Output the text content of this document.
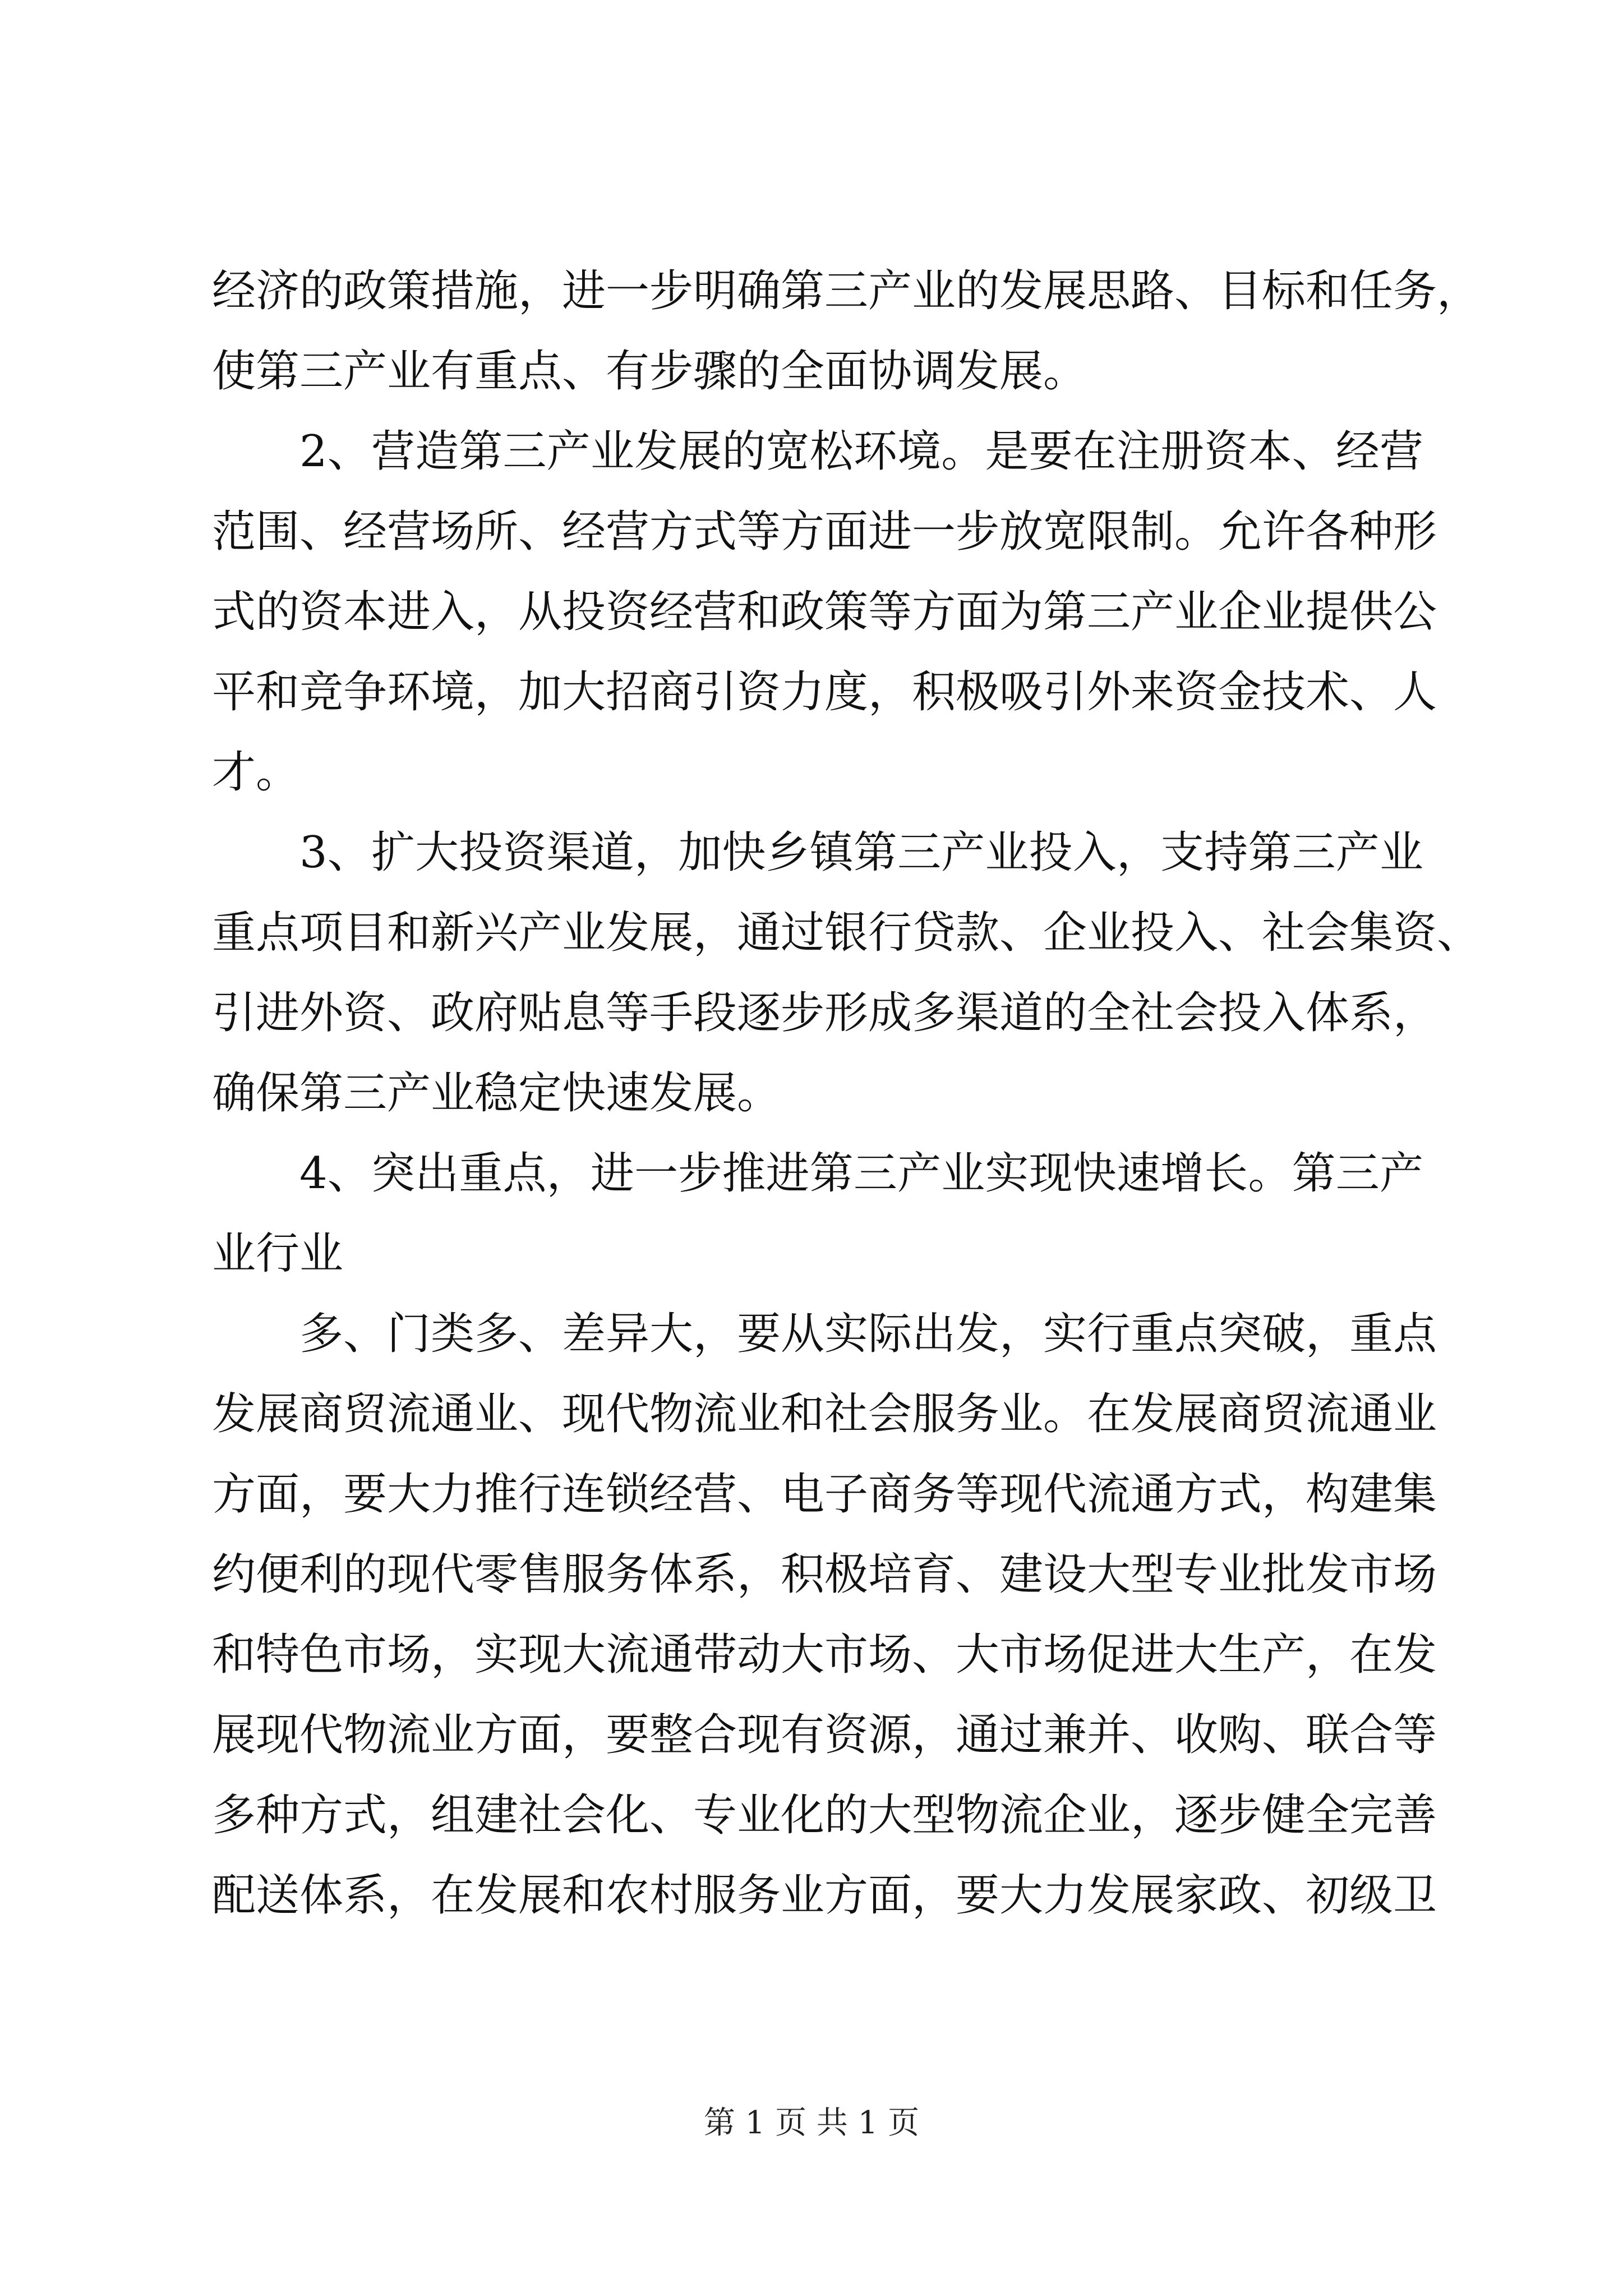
经济的政策措施，进一步明确第三产业的发展思路、目标和任务，
使第三产业有重点、有步骤的全面协调发展。
2、营造第三产业发展的宽松环境。是要在注册资本、经营
范围、经营场所、经营方式等方面进一步放宽限制。允许各种形
式的资本进入，从投资经营和政策等方面为第三产业企业提供公
平和竞争环境，加大招商引资力度，积极吸引外来资金技术、人
才。
3、扩大投资渠道，加快乡镇第三产业投入，支持第三产业
重点项目和新兴产业发展，通过银行贷款、企业投入、社会集资、
引进外资、政府贴息等手段逐步形成多渠道的全社会投入体系，
确保第三产业稳定快速发展。
4、突出重点，进一步推进第三产业实现快速增长。第三产
业行业
多、门类多、差异大，要从实际出发，实行重点突破，重点
发展商贸流通业、现代物流业和社会服务业。在发展商贸流通业
方面，要大力推行连锁经营、电子商务等现代流通方式，构建集
约便利的现代零售服务体系，积极培育、建设大型专业批发市场
和特色市场，实现大流通带动大市场、大市场促进大生产，在发
展现代物流业方面，要整合现有资源，通过兼并、收购、联合等
多种方式，组建社会化、专业化的大型物流企业，逐步健全完善
配送体系，在发展和农村服务业方面，要大力发展家政、初级卫
第 1 页 共 1 页
